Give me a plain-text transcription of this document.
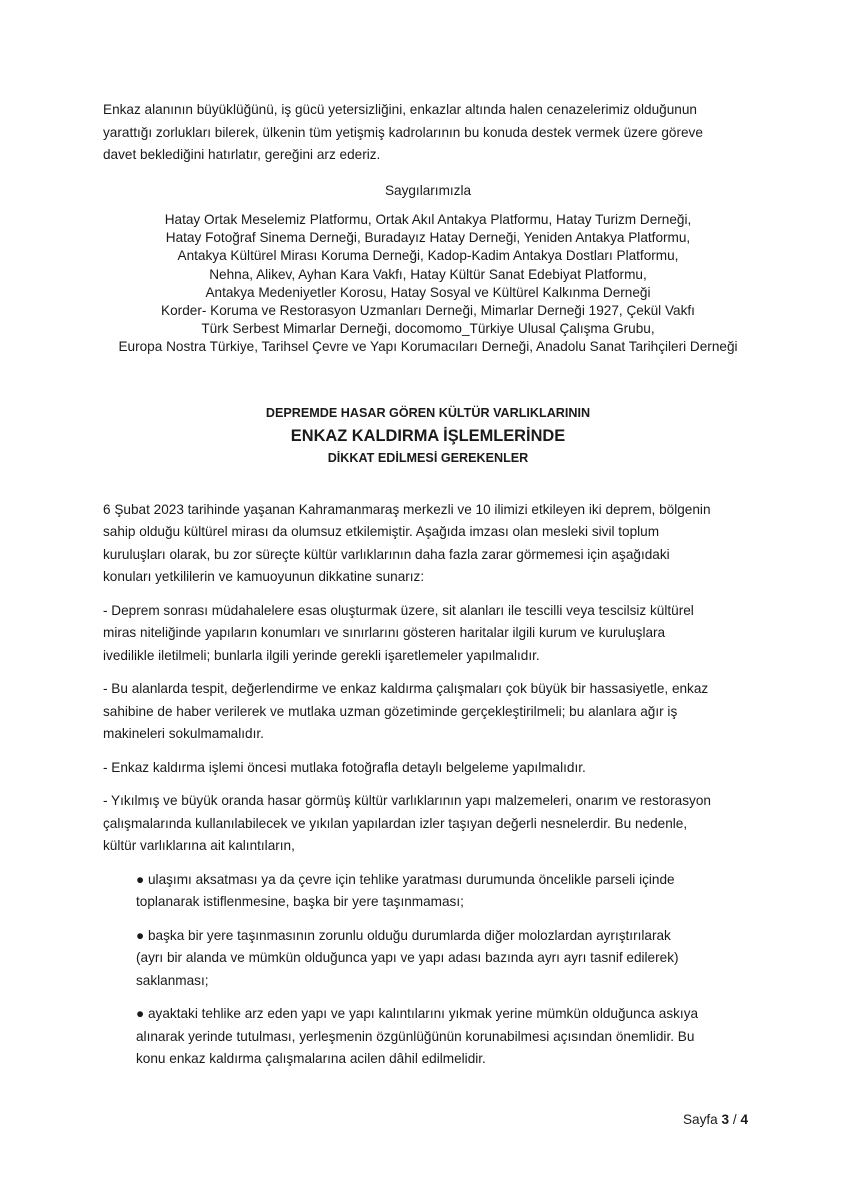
Enkaz alanının büyüklüğünü, iş gücü yetersizliğini, enkazlar altında halen cenazelerimiz olduğunun

yarattığı zorlukları bilerek, ülkenin tüm yetişmiş kadrolarının bu konuda destek vermek üzere göreve

davet beklediğini hatırlatır, gereğini arz ederiz.

Saygılarımızla

Hatay Ortak Meselemiz Platformu, Ortak Akıl Antakya Platformu, Hatay Turizm Derneği,

Hatay Fotoğraf Sinema Derneği, Buradayız Hatay Derneği, Yeniden Antakya Platformu,

Antakya Kültürel Mirası Koruma Derneği, Kadop-Kadim Antakya Dostları Platformu,

Nehna, Alikev, Ayhan Kara Vakfı, Hatay Kültür Sanat Edebiyat Platformu,

Antakya Medeniyetler Korosu, Hatay Sosyal ve Kültürel Kalkınma Derneği

Korder- Koruma ve Restorasyon Uzmanları Derneği, Mimarlar Derneği 1927, Çekül Vakfı

Türk Serbest Mimarlar Derneği, docomomo_Türkiye Ulusal Çalışma Grubu,

Europa Nostra Türkiye, Tarihsel Çevre ve Yapı Korumacıları Derneği, Anadolu Sanat Tarihçileri Derneği

DEPREMDE HASAR GÖREN KÜLTÜR VARLIKLARININ

ENKAZ KALDIRMA İŞLEMLERİNDE

DİKKAT EDİLMESİ GEREKENLER

6 Şubat 2023 tarihinde yaşanan Kahramanmaraş merkezli ve 10 ilimizi etkileyen iki deprem, bölgenin
sahip olduğu kültürel mirası da olumsuz etkilemiştir. Aşağıda imzası olan mesleki sivil toplum
kuruluşları olarak, bu zor süreçte kültür varlıklarının daha fazla zarar görmemesi için aşağıdaki
konuları yetkililerin ve kamuoyunun dikkatine sunarız:

- Deprem sonrası müdahalelere esas oluşturmak üzere, sit alanları ile tescilli veya tescilsiz kültürel
miras niteliğinde yapıların konumları ve sınırlarını gösteren haritalar ilgili kurum ve kuruluşlara
ivedilikle iletilmeli; bunlarla ilgili yerinde gerekli işaretlemeler yapılmalıdır.

- Bu alanlarda tespit, değerlendirme ve enkaz kaldırma çalışmaları çok büyük bir hassasiyetle, enkaz
sahibine de haber verilerek ve mutlaka uzman gözetiminde gerçekleştirilmeli; bu alanlara ağır iş
makineleri sokulmamalıdır.

- Enkaz kaldırma işlemi öncesi mutlaka fotoğrafla detaylı belgeleme yapılmalıdır.

- Yıkılmış ve büyük oranda hasar görmüş kültür varlıklarının yapı malzemeleri, onarım ve restorasyon
çalışmalarında kullanılabilecek ve yıkılan yapılardan izler taşıyan değerli nesnelerdir. Bu nedenle,
kültür varlıklarına ait kalıntıların,

● ulaşımı aksatması ya da çevre için tehlike yaratması durumunda öncelikle parseli içinde
toplanarak istiflenmesine, başka bir yere taşınmaması;

● başka bir yere taşınmasının zorunlu olduğu durumlarda diğer molozlardan ayrıştırılarak
(ayrı bir alanda ve mümkün olduğunca yapı ve yapı adası bazında ayrı ayrı tasnif edilerek)
saklanması;

● ayaktaki tehlike arz eden yapı ve yapı kalıntılarını yıkmak yerine mümkün olduğunca askıya
alınarak yerinde tutulması, yerleşmenin özgünlüğünün korunabilmesi açısından önemlidir. Bu
konu enkaz kaldırma çalışmalarına acilen dâhil edilmelidir.

Sayfa 3 / 4
